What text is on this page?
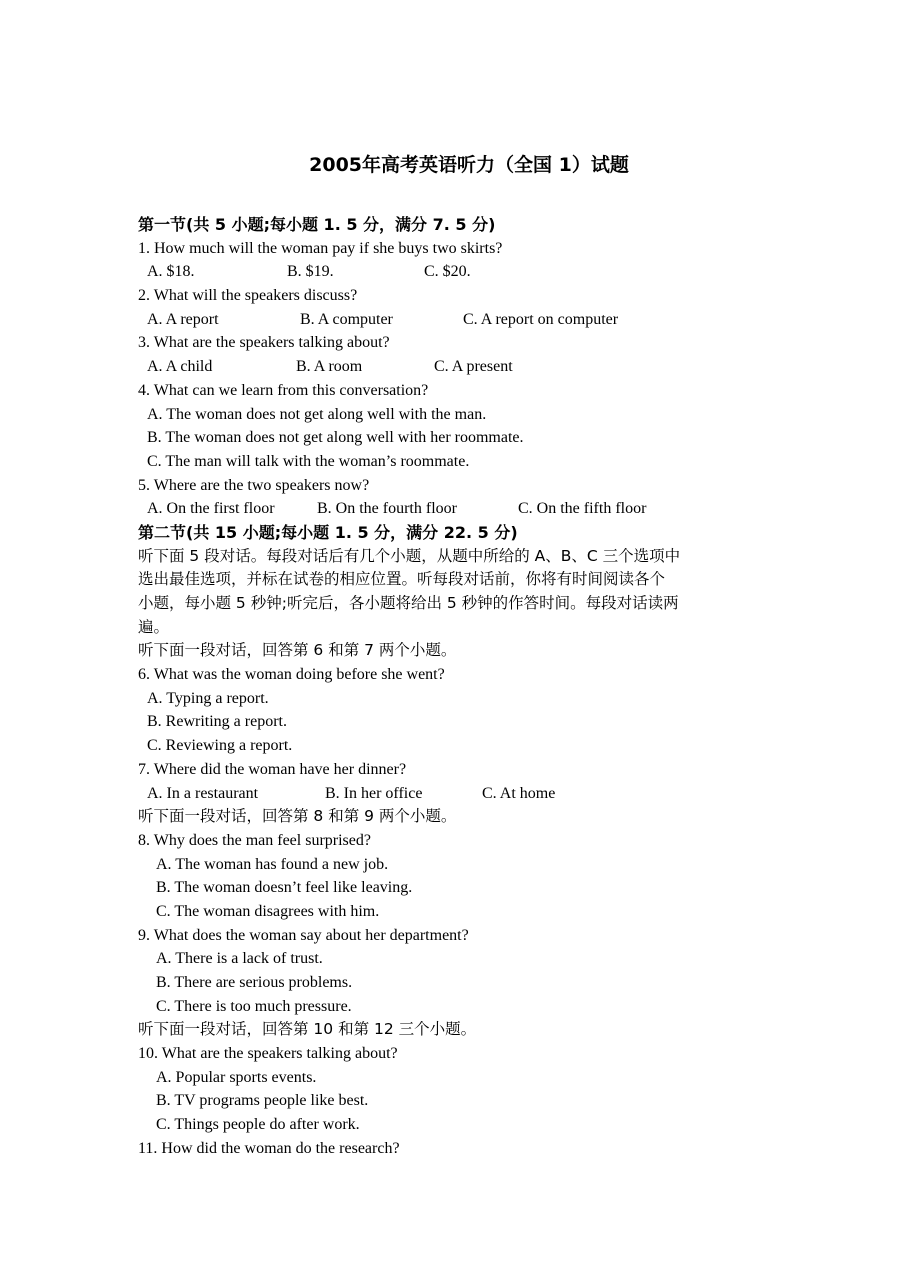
2005年高考英语听力（全国 1）试题
第一节(共 5 小题;每小题 1. 5 分，满分 7. 5 分)
1. How much will the woman pay if she buys two skirts?
A. $18.	B. $19.	C. $20.
2. What will the speakers discuss?
A. A report	B. A computer	C. A report on computer
3. What are the speakers talking about?
A. A child	B. A room	C. A present
4. What can we learn from this conversation?
A. The woman does not get along well with the man.
B. The woman does not get along well with her roommate.
C. The man will talk with the woman’s roommate.
5. Where are the two speakers now?
A. On the first floor	B. On the fourth floor	C. On the fifth floor
第二节(共 15 小题;每小题 1. 5 分，满分 22. 5 分)
听下面 5 段对话。每段对话后有几个小题，从题中所给的 A、B、C 三个选项中
选出最佳选项，并标在试卷的相应位置。听每段对话前，你将有时间阅读各个
小题，每小题 5 秒钟;听完后，各小题将给出 5 秒钟的作答时间。每段对话读两
遍。
听下面一段对话，回答第 6 和第 7 两个小题。
6. What was the woman doing before she went?
A. Typing a report.
B. Rewriting a report.
C. Reviewing a report.
7. Where did the woman have her dinner?
A. In a restaurant	B. In her office	C. At home
听下面一段对话，回答第 8 和第 9 两个小题。
8. Why does the man feel surprised?
A. The woman has found a new job.
B. The woman doesn’t feel like leaving.
C. The woman disagrees with him.
9. What does the woman say about her department?
A. There is a lack of trust.
B. There are serious problems.
C. There is too much pressure.
听下面一段对话，回答第 10 和第 12 三个小题。
10. What are the speakers talking about?
A. Popular sports events.
B. TV programs people like best.
C. Things people do after work.
11. How did the woman do the research?
